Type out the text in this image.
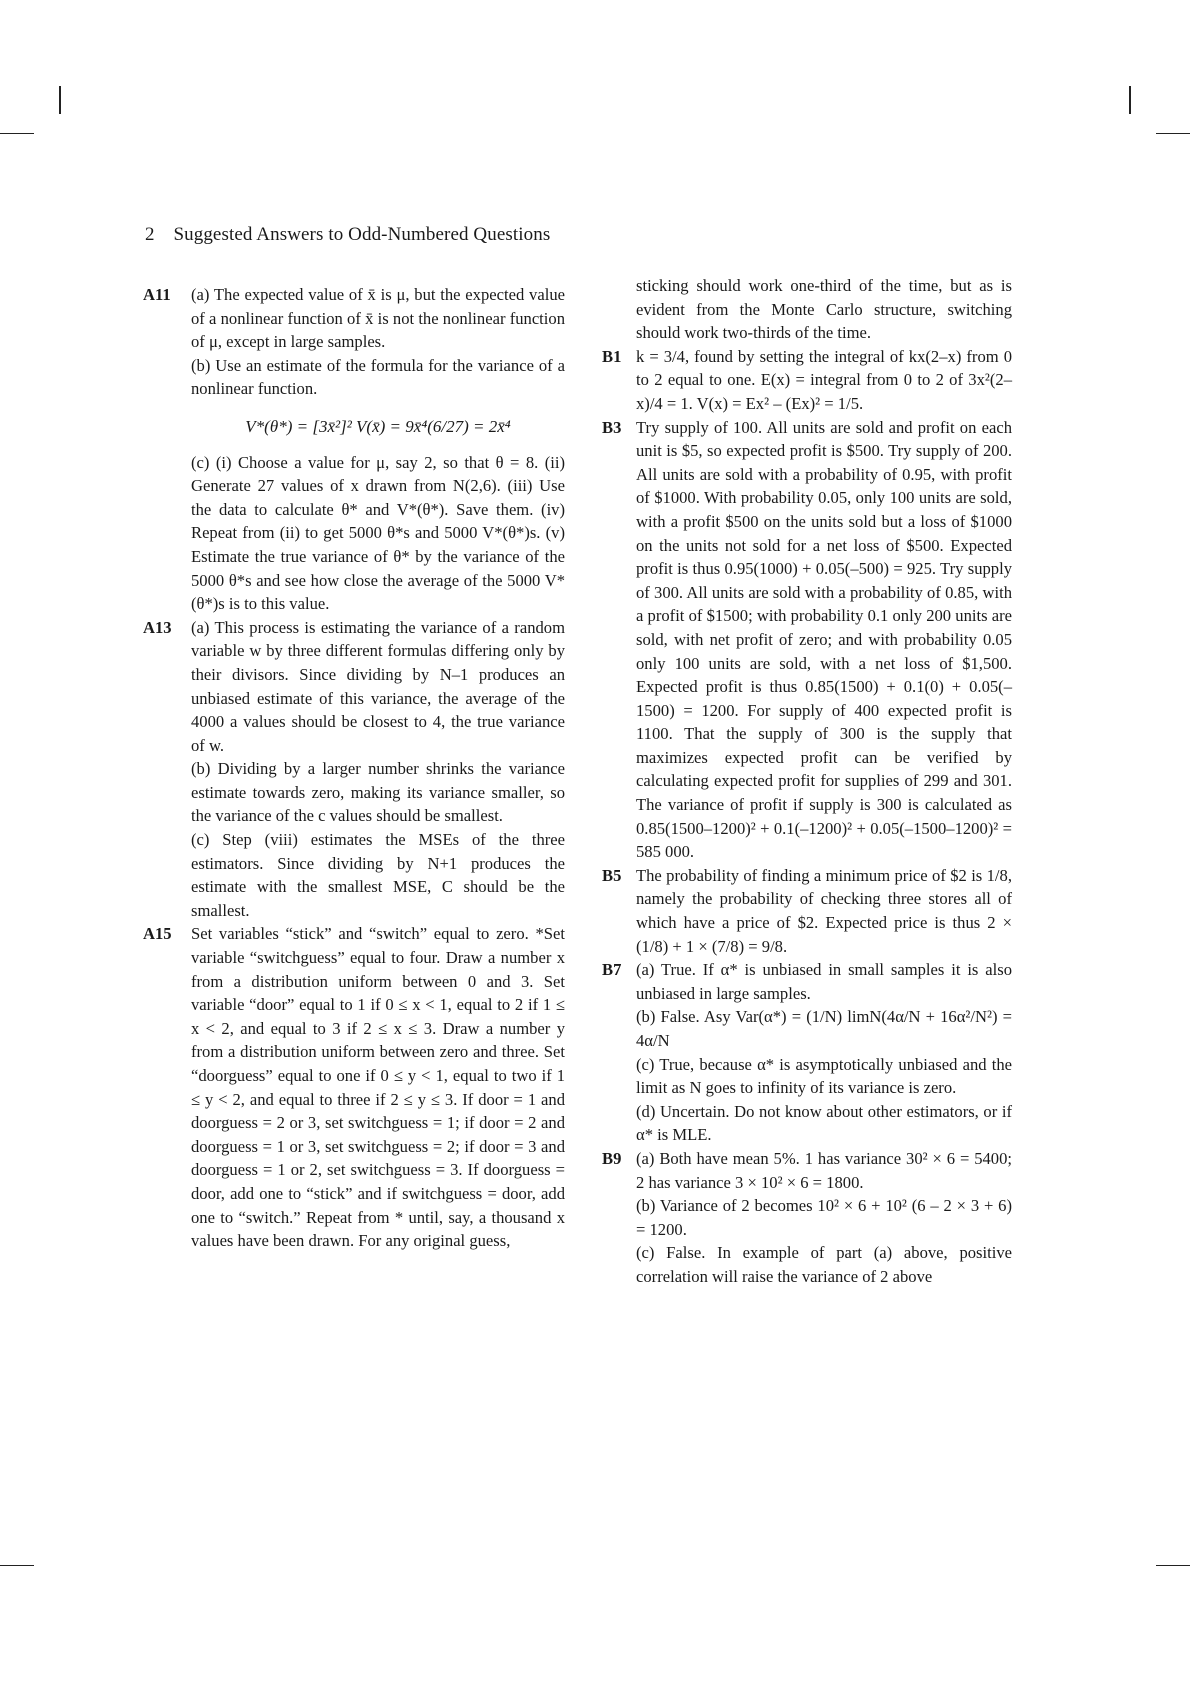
2 Suggested Answers to Odd-Numbered Questions
A11 (a) The expected value of x̄ is μ, but the expected value of a nonlinear function of x̄ is not the nonlinear function of μ, except in large samples.

(b) Use an estimate of the formula for the variance of a nonlinear function.

V*(θ*) = [3x̄²]² V(x̄) = 9x̄⁴(6/27) = 2x̄⁴

(c) (i) Choose a value for μ, say 2, so that θ = 8. (ii) Generate 27 values of x drawn from N(2,6). (iii) Use the data to calculate θ* and V*(θ*). Save them. (iv) Repeat from (ii) to get 5000 θ*s and 5000 V*(θ*)s. (v) Estimate the true variance of θ* by the variance of the 5000 θ*s and see how close the average of the 5000 V*(θ*)s is to this value.

A13 (a) This process is estimating the variance of a random variable w by three different formulas differing only by their divisors. Since dividing by N–1 produces an unbiased estimate of this variance, the average of the 4000 a values should be closest to 4, the true variance of w.

(b) Dividing by a larger number shrinks the variance estimate towards zero, making its variance smaller, so the variance of the c values should be smallest.

(c) Step (viii) estimates the MSEs of the three estimators. Since dividing by N+1 produces the estimate with the smallest MSE, C should be the smallest.

A15 Set variables “stick” and “switch” equal to zero. *Set variable “switchguess” equal to four. Draw a number x from a distribution uniform between 0 and 3. Set variable “door” equal to 1 if 0 ≤ x < 1, equal to 2 if 1 ≤ x < 2, and equal to 3 if 2 ≤ x ≤ 3. Draw a number y from a distribution uniform between zero and three. Set “doorguess” equal to one if 0 ≤ y < 1, equal to two if 1 ≤ y < 2, and equal to three if 2 ≤ y ≤ 3. If door = 1 and doorguess = 2 or 3, set switchguess = 1; if door = 2 and doorguess = 1 or 3, set switchguess = 2; if door = 3 and doorguess = 1 or 2, set switchguess = 3. If doorguess = door, add one to “stick” and if switchguess = door, add one to “switch.” Repeat from * until, say, a thousand x values have been drawn. For any original guess,

sticking should work one-third of the time, but as is evident from the Monte Carlo structure, switching should work two-thirds of the time.

B1 k = 3/4, found by setting the integral of kx(2–x) from 0 to 2 equal to one. E(x) = integral from 0 to 2 of 3x²(2–x)/4 = 1. V(x) = Ex² – (Ex)² = 1/5.

B3 Try supply of 100. All units are sold and profit on each unit is $5, so expected profit is $500. Try supply of 200. All units are sold with a probability of 0.95, with profit of $1000. With probability 0.05, only 100 units are sold, with a profit $500 on the units sold but a loss of $1000 on the units not sold for a net loss of $500. Expected profit is thus 0.95(1000) + 0.05(–500) = 925. Try supply of 300. All units are sold with a probability of 0.85, with a profit of $1500; with probability 0.1 only 200 units are sold, with net profit of zero; and with probability 0.05 only 100 units are sold, with a net loss of $1,500. Expected profit is thus 0.85(1500) + 0.1(0) + 0.05(–1500) = 1200. For supply of 400 expected profit is 1100. That the supply of 300 is the supply that maximizes expected profit can be verified by calculating expected profit for supplies of 299 and 301. The variance of profit if supply is 300 is calculated as 0.85(1500–1200)² + 0.1(–1200)² + 0.05(–1500–1200)² = 585 000.

B5 The probability of finding a minimum price of $2 is 1/8, namely the probability of checking three stores all of which have a price of $2. Expected price is thus 2 × (1/8) + 1 × (7/8) = 9/8.

B7 (a) True. If α* is unbiased in small samples it is also unbiased in large samples.

(b) False. Asy Var(α*) = (1/N) limN(4α/N + 16α²/N²) = 4α/N

(c) True, because α* is asymptotically unbiased and the limit as N goes to infinity of its variance is zero.

(d) Uncertain. Do not know about other estimators, or if α* is MLE.

B9 (a) Both have mean 5%. 1 has variance 30² × 6 = 5400; 2 has variance 3 × 10² × 6 = 1800.

(b) Variance of 2 becomes 10² × 6 + 10² (6 – 2 × 3 + 6) = 1200.

(c) False. In example of part (a) above, positive correlation will raise the variance of 2 above
